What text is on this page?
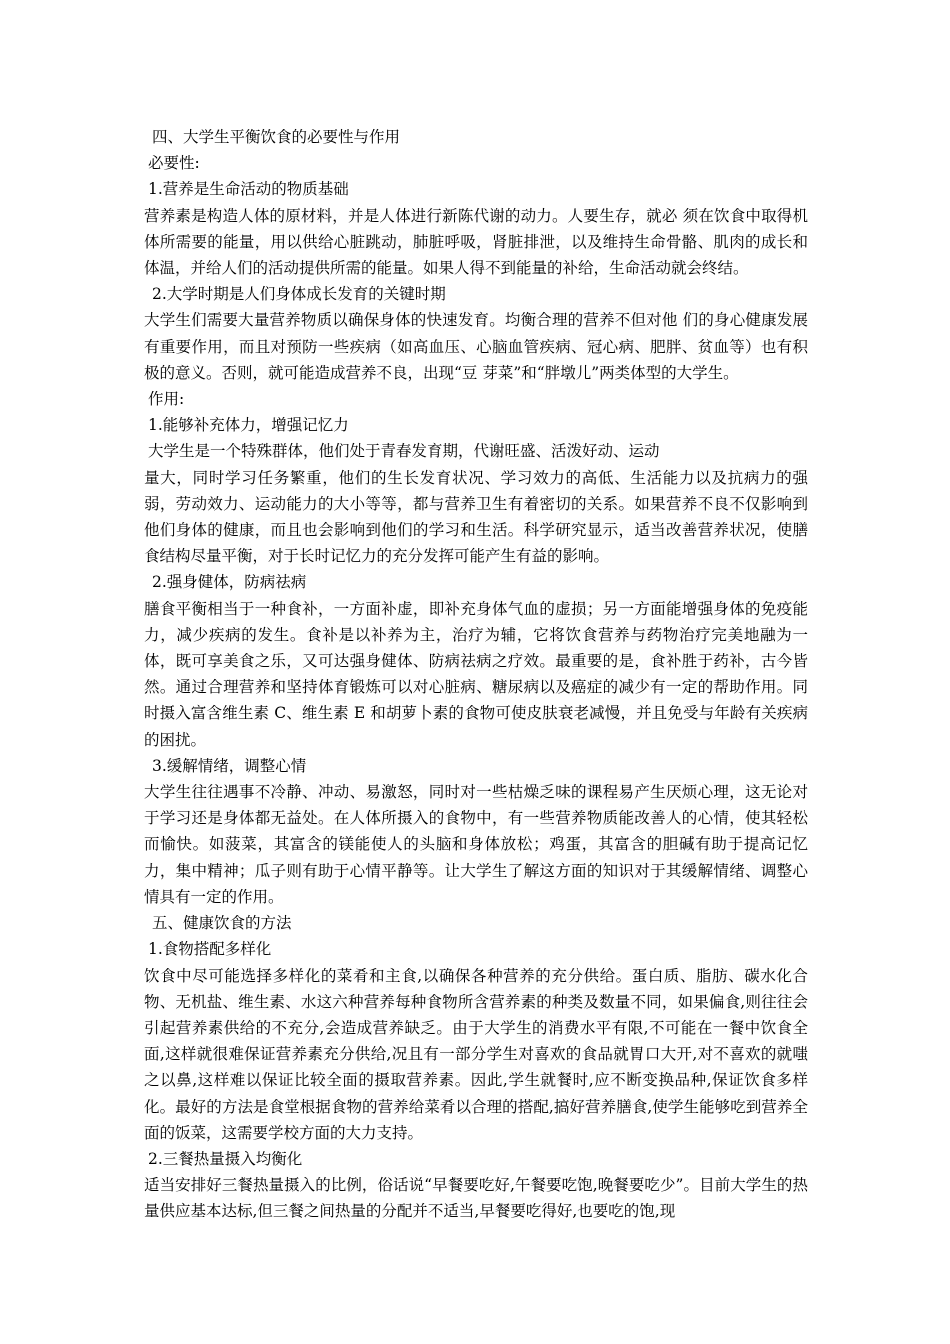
四、大学生平衡饮食的必要性与作用

必要性:

1.营养是生命活动的物质基础

营养素是构造人体的原材料，并是人体进行新陈代谢的动力。人要生存，就必 须在饮食中取得机体所需要的能量，用以供给心脏跳动，肺脏呼吸，肾脏排泄，以及维持生命骨骼、肌肉的成长和体温，并给人们的活动提供所需的能量。如果人得不到能量的补给，生命活动就会终结。

2.大学时期是人们身体成长发育的关键时期

大学生们需要大量营养物质以确保身体的快速发育。均衡合理的营养不但对他 们的身心健康发展有重要作用，而且对预防一些疾病（如高血压、心脑血管疾病、冠心病、肥胖、贫血等）也有积极的意义。否则，就可能造成营养不良，出现“豆 芽菜”和“胖墩儿”两类体型的大学生。

作用:

1.能够补充体力，增强记忆力

大学生是一个特殊群体，他们处于青春发育期，代谢旺盛、活泼好动、运动

量大，同时学习任务繁重，他们的生长发育状况、学习效力的高低、生活能力以及抗病力的强弱，劳动效力、运动能力的大小等等，都与营养卫生有着密切的关系。如果营养不良不仅影响到他们身体的健康，而且也会影响到他们的学习和生活。科学研究显示，适当改善营养状况，使膳食结构尽量平衡，对于长时记忆力的充分发挥可能产生有益的影响。

2.强身健体，防病祛病

膳食平衡相当于一种食补，一方面补虚，即补充身体气血的虚损；另一方面能增强身体的免疫能力，减少疾病的发生。食补是以补养为主，治疗为辅，它将饮食营养与药物治疗完美地融为一体，既可享美食之乐，又可达强身健体、防病祛病之疗效。最重要的是，食补胜于药补，古今皆然。通过合理营养和坚持体育锻炼可以对心脏病、糖尿病以及癌症的减少有一定的帮助作用。同时摄入富含维生素 C、维生素 E 和胡萝卜素的食物可使皮肤衰老减慢，并且免受与年龄有关疾病的困扰。

3.缓解情绪，调整心情

大学生往往遇事不冷静、冲动、易激怒，同时对一些枯燥乏味的课程易产生厌烦心理，这无论对于学习还是身体都无益处。在人体所摄入的食物中，有一些营养物质能改善人的心情，使其轻松而愉快。如菠菜，其富含的镁能使人的头脑和身体放松；鸡蛋，其富含的胆碱有助于提高记忆力，集中精神；瓜子则有助于心情平静等。让大学生了解这方面的知识对于其缓解情绪、调整心情具有一定的作用。

五、健康饮食的方法

1.食物搭配多样化

饮食中尽可能选择多样化的菜肴和主食,以确保各种营养的充分供给。蛋白质、脂肪、碳水化合物、无机盐、维生素、水这六种营养每种食物所含营养素的种类及数量不同，如果偏食,则往往会引起营养素供给的不充分,会造成营养缺乏。由于大学生的消费水平有限,不可能在一餐中饮食全面,这样就很难保证营养素充分供给,况且有一部分学生对喜欢的食品就胃口大开,对不喜欢的就嗤之以鼻,这样难以保证比较全面的摄取营养素。因此,学生就餐时,应不断变换品种,保证饮食多样化。最好的方法是食堂根据食物的营养给菜肴以合理的搭配,搞好营养膳食,使学生能够吃到营养全面的饭菜，这需要学校方面的大力支持。

2.三餐热量摄入均衡化

适当安排好三餐热量摄入的比例，俗话说“早餐要吃好,午餐要吃饱,晚餐要吃少”。目前大学生的热量供应基本达标,但三餐之间热量的分配并不适当,早餐要吃得好,也要吃的饱,现
